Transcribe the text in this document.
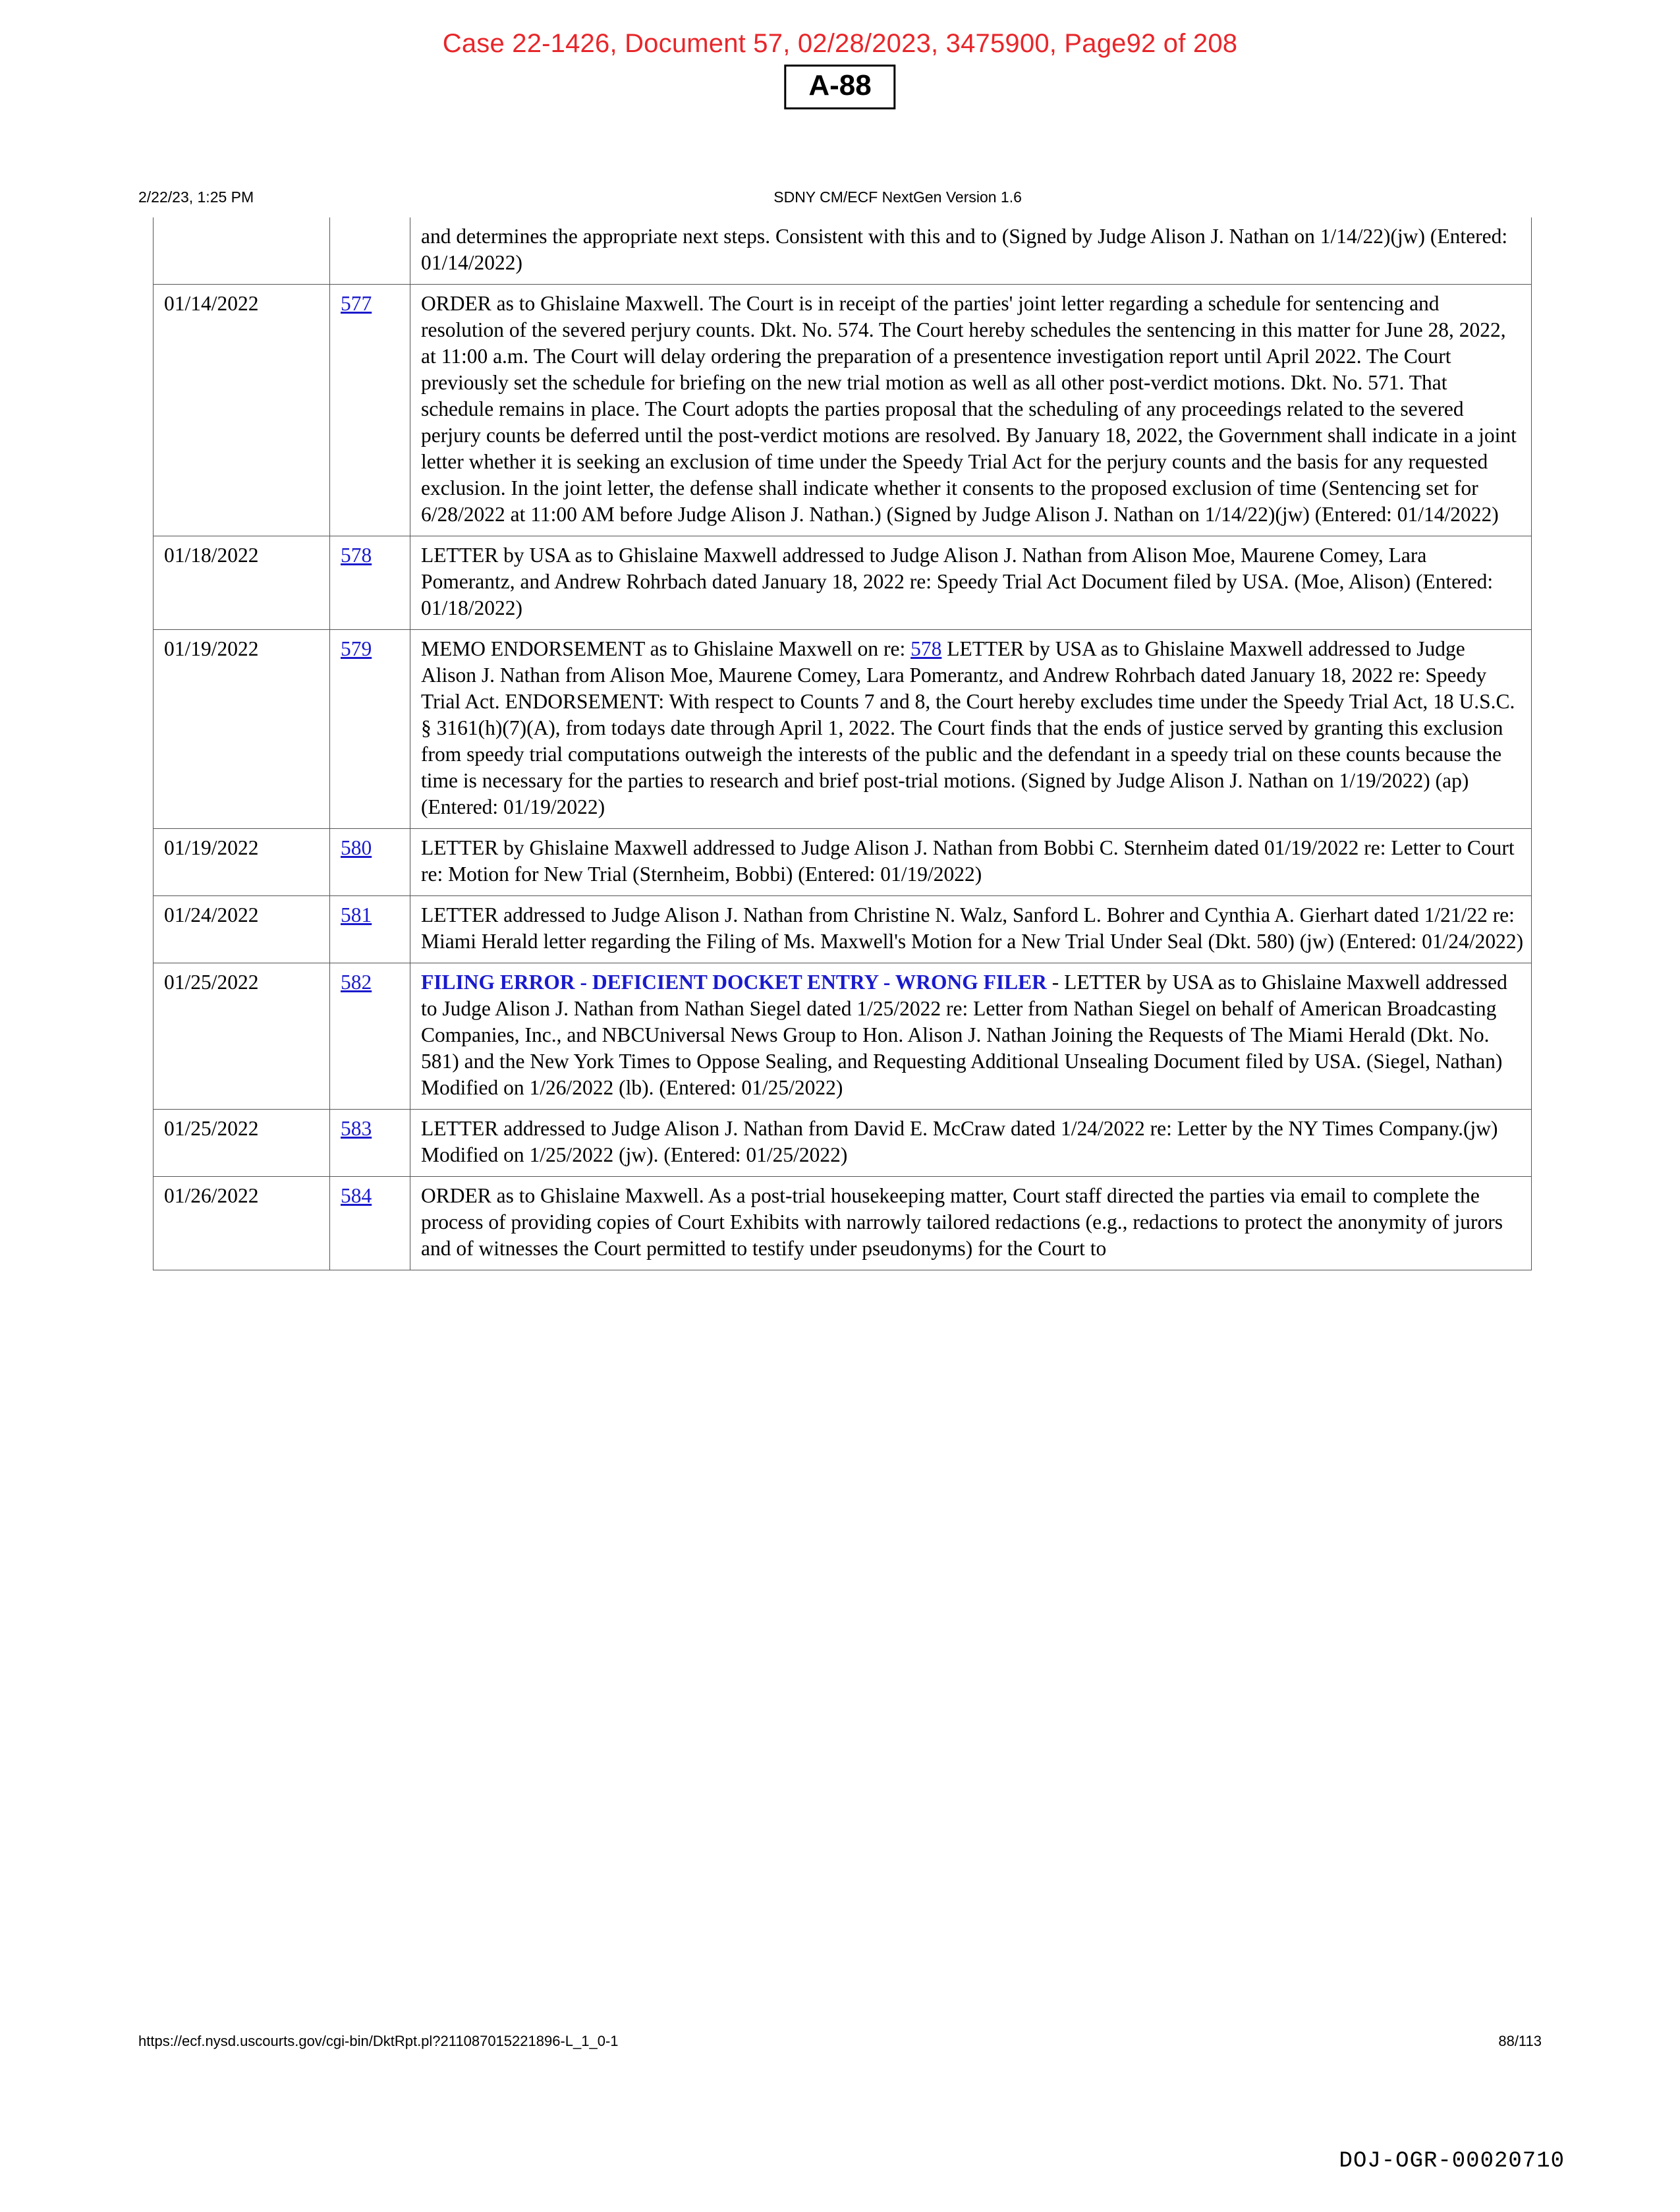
Case 22-1426, Document 57, 02/28/2023, 3475900, Page92 of 208
A-88
2/22/23, 1:25 PM	SDNY CM/ECF NextGen Version 1.6
		and determines the appropriate next steps. Consistent with this and to (Signed by Judge Alison J. Nathan on 1/14/22)(jw) (Entered: 01/14/2022)
01/14/2022	577	ORDER as to Ghislaine Maxwell. The Court is in receipt of the parties' joint letter regarding a schedule for sentencing and resolution of the severed perjury counts. Dkt. No. 574. The Court hereby schedules the sentencing in this matter for June 28, 2022, at 11:00 a.m. The Court will delay ordering the preparation of a presentence investigation report until April 2022. The Court previously set the schedule for briefing on the new trial motion as well as all other post-verdict motions. Dkt. No. 571. That schedule remains in place. The Court adopts the parties proposal that the scheduling of any proceedings related to the severed perjury counts be deferred until the post-verdict motions are resolved. By January 18, 2022, the Government shall indicate in a joint letter whether it is seeking an exclusion of time under the Speedy Trial Act for the perjury counts and the basis for any requested exclusion. In the joint letter, the defense shall indicate whether it consents to the proposed exclusion of time (Sentencing set for 6/28/2022 at 11:00 AM before Judge Alison J. Nathan.) (Signed by Judge Alison J. Nathan on 1/14/22)(jw) (Entered: 01/14/2022)
01/18/2022	578	LETTER by USA as to Ghislaine Maxwell addressed to Judge Alison J. Nathan from Alison Moe, Maurene Comey, Lara Pomerantz, and Andrew Rohrbach dated January 18, 2022 re: Speedy Trial Act Document filed by USA. (Moe, Alison) (Entered: 01/18/2022)
01/19/2022	579	MEMO ENDORSEMENT as to Ghislaine Maxwell on re: 578 LETTER by USA as to Ghislaine Maxwell addressed to Judge Alison J. Nathan from Alison Moe, Maurene Comey, Lara Pomerantz, and Andrew Rohrbach dated January 18, 2022 re: Speedy Trial Act. ENDORSEMENT: With respect to Counts 7 and 8, the Court hereby excludes time under the Speedy Trial Act, 18 U.S.C. § 3161(h)(7)(A), from todays date through April 1, 2022. The Court finds that the ends of justice served by granting this exclusion from speedy trial computations outweigh the interests of the public and the defendant in a speedy trial on these counts because the time is necessary for the parties to research and brief post-trial motions. (Signed by Judge Alison J. Nathan on 1/19/2022) (ap) (Entered: 01/19/2022)
01/19/2022	580	LETTER by Ghislaine Maxwell addressed to Judge Alison J. Nathan from Bobbi C. Sternheim dated 01/19/2022 re: Letter to Court re: Motion for New Trial (Sternheim, Bobbi) (Entered: 01/19/2022)
01/24/2022	581	LETTER addressed to Judge Alison J. Nathan from Christine N. Walz, Sanford L. Bohrer and Cynthia A. Gierhart dated 1/21/22 re: Miami Herald letter regarding the Filing of Ms. Maxwell's Motion for a New Trial Under Seal (Dkt. 580) (jw) (Entered: 01/24/2022)
01/25/2022	582	FILING ERROR - DEFICIENT DOCKET ENTRY - WRONG FILER - LETTER by USA as to Ghislaine Maxwell addressed to Judge Alison J. Nathan from Nathan Siegel dated 1/25/2022 re: Letter from Nathan Siegel on behalf of American Broadcasting Companies, Inc., and NBCUniversal News Group to Hon. Alison J. Nathan Joining the Requests of The Miami Herald (Dkt. No. 581) and the New York Times to Oppose Sealing, and Requesting Additional Unsealing Document filed by USA. (Siegel, Nathan) Modified on 1/26/2022 (lb). (Entered: 01/25/2022)
01/25/2022	583	LETTER addressed to Judge Alison J. Nathan from David E. McCraw dated 1/24/2022 re: Letter by the NY Times Company.(jw) Modified on 1/25/2022 (jw). (Entered: 01/25/2022)
01/26/2022	584	ORDER as to Ghislaine Maxwell. As a post-trial housekeeping matter, Court staff directed the parties via email to complete the process of providing copies of Court Exhibits with narrowly tailored redactions (e.g., redactions to protect the anonymity of jurors and of witnesses the Court permitted to testify under pseudonyms) for the Court to
https://ecf.nysd.uscourts.gov/cgi-bin/DktRpt.pl?211087015221896-L_1_0-1	88/113
DOJ-OGR-00020710
